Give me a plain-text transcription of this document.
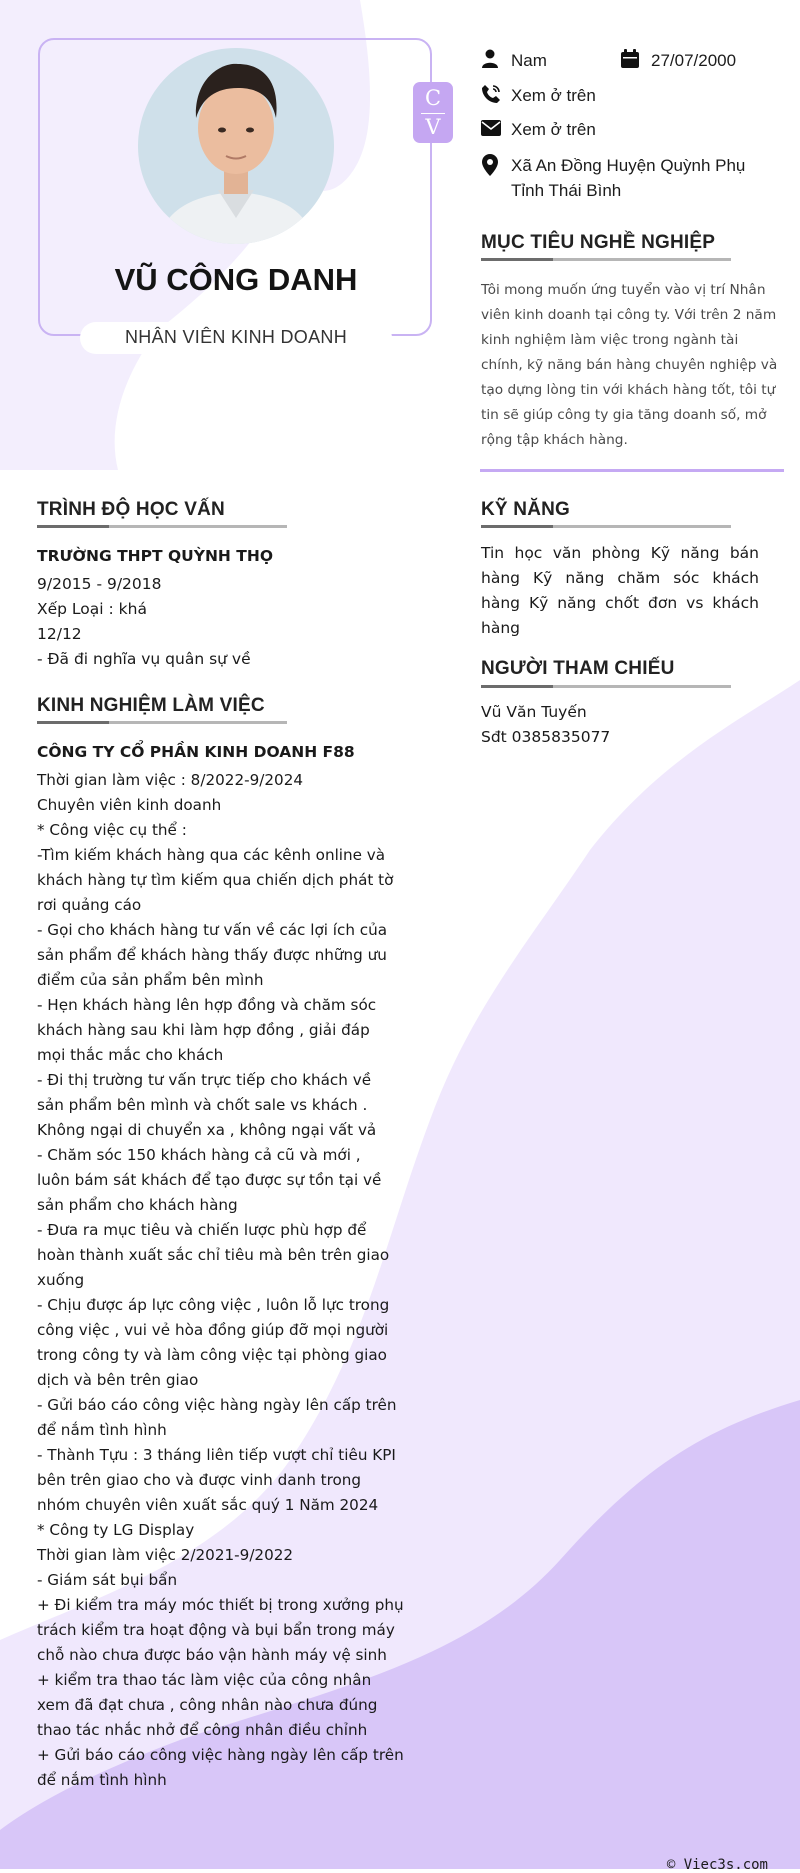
C
V
VŨ CÔNG DANH
NHÂN VIÊN KINH DOANH
Nam	27/07/2000
Xem ở trên
Xem ở trên
Xã An Đồng Huyện Quỳnh Phụ
Tỉnh Thái Bình
MỤC TIÊU NGHỀ NGHIỆP
Tôi mong muốn ứng tuyển vào vị trí Nhân viên kinh doanh tại công ty. Với trên 2 năm kinh nghiệm làm việc trong ngành tài chính, kỹ năng bán hàng chuyên nghiệp và tạo dựng lòng tin với khách hàng tốt, tôi tự tin sẽ giúp công ty gia tăng doanh số, mở rộng tập khách hàng.
TRÌNH ĐỘ HỌC VẤN
TRƯỜNG THPT QUỲNH THỌ
9/2015 - 9/2018
Xếp Loại : khá
12/12
- Đã đi nghĩa vụ quân sự về
KINH NGHIỆM LÀM VIỆC
CÔNG TY CỔ PHẦN KINH DOANH F88
Thời gian làm việc : 8/2022-9/2024
Chuyên viên kinh doanh
* Công việc cụ thể :
-Tìm kiếm khách hàng qua các kênh online và
khách hàng tự tìm kiếm qua chiến dịch phát tờ
rơi quảng cáo
- Gọi cho khách hàng tư vấn về các lợi ích của
sản phẩm để khách hàng thấy được những ưu
điểm của sản phẩm bên mình
- Hẹn khách hàng lên hợp đồng và chăm sóc
khách hàng sau khi làm hợp đồng , giải đáp
mọi thắc mắc cho khách
- Đi thị trường tư vấn trực tiếp cho khách về
sản phẩm bên mình và chốt sale vs khách .
Không ngại di chuyển xa , không ngại vất vả
- Chăm sóc 150 khách hàng cả cũ và mới ,
luôn bám sát khách để tạo được sự tồn tại về
sản phẩm cho khách hàng
- Đưa ra mục tiêu và chiến lược phù hợp để
hoàn thành xuất sắc chỉ tiêu mà bên trên giao
xuống
- Chịu được áp lực công việc , luôn lỗ lực trong
công việc , vui vẻ hòa đồng giúp đỡ mọi người
trong công ty và làm công việc tại phòng giao
dịch và bên trên giao
- Gửi báo cáo công việc hàng ngày lên cấp trên
để nắm tình hình
- Thành Tựu : 3 tháng liên tiếp vượt chỉ tiêu KPI
bên trên giao cho và được vinh danh trong
nhóm chuyên viên xuất sắc quý 1 Năm 2024
* Công ty LG Display
Thời gian làm việc 2/2021-9/2022
- Giám sát bụi bẩn
+ Đi kiểm tra máy móc thiết bị trong xưởng phụ
trách kiểm tra hoạt động và bụi bẩn trong máy
chỗ nào chưa được báo vận hành máy vệ sinh
+ kiểm tra thao tác làm việc của công nhân
xem đã đạt chưa , công nhân nào chưa đúng
thao tác nhắc nhở để công nhân điều chỉnh
+ Gửi báo cáo công việc hàng ngày lên cấp trên
để nắm tình hình
KỸ NĂNG
Tin học văn phòng Kỹ năng bán hàng Kỹ năng chăm sóc khách hàng Kỹ năng chốt đơn vs khách hàng
NGƯỜI THAM CHIẾU
Vũ Văn Tuyến
Sđt 0385835077
© Viec3s.com
